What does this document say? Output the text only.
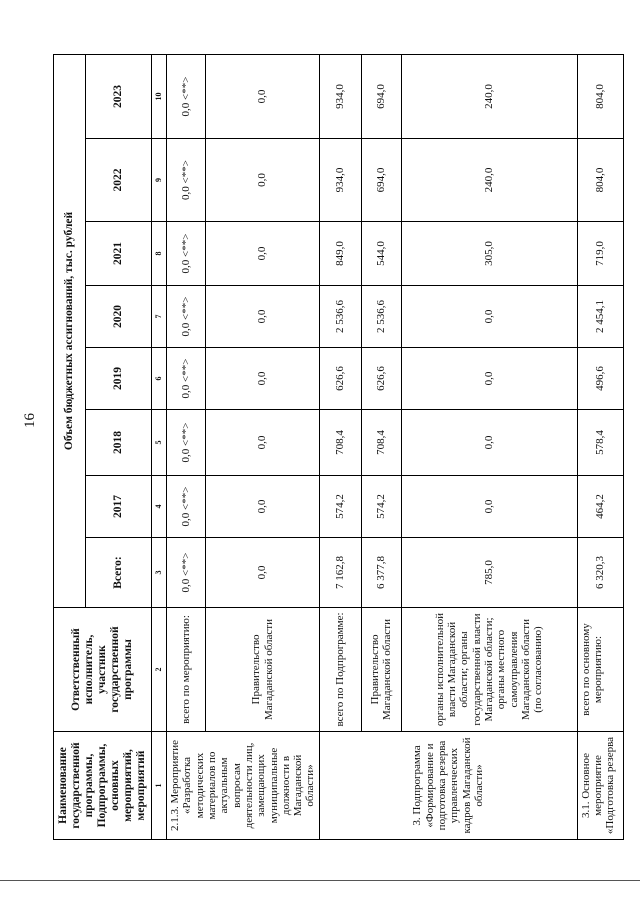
16
Наименование государственной программы, Подпрограммы, основных мероприятий, мероприятий	Ответственный исполнитель, участник государственной программы	Объем бюджетных ассигнований, тыс. рублей							
		Всего:	2017	2018	2019	2020	2021	2022	2023
1	2	3	4	5	6	7	8	9	10
2.1.3. Мероприятие «Разработка методических материалов по актуальным вопросам деятельности лиц, замещающих муниципальные должности в Магаданской области»	всего по мероприятию:	0,0 <**>	0,0 <**>	0,0 <**>	0,0 <**>	0,0 <**>	0,0 <**>	0,0 <**>	0,0 <**>
	Правительство Магаданской области	0,0	0,0	0,0	0,0	0,0	0,0	0,0	0,0
3. Подпрограмма «Формирование и подготовка резерва управленческих кадров Магаданской области»	всего по Подпрограмме:	7 162,8	574,2	708,4	626,6	2 536,6	849,0	934,0	934,0
	Правительство Магаданской области	6 377,8	574,2	708,4	626,6	2 536,6	544,0	694,0	694,0
	органы исполнительной власти Магаданской области; органы государственной власти Магаданской области; органы местного самоуправления Магаданской области (по согласованию)	785,0	0,0	0,0	0,0	0,0	305,0	240,0	240,0
3.1. Основное мероприятие «Подготовка резерва	всего по основному мероприятию:	6 320,3	464,2	578,4	496,6	2 454,1	719,0	804,0	804,0
